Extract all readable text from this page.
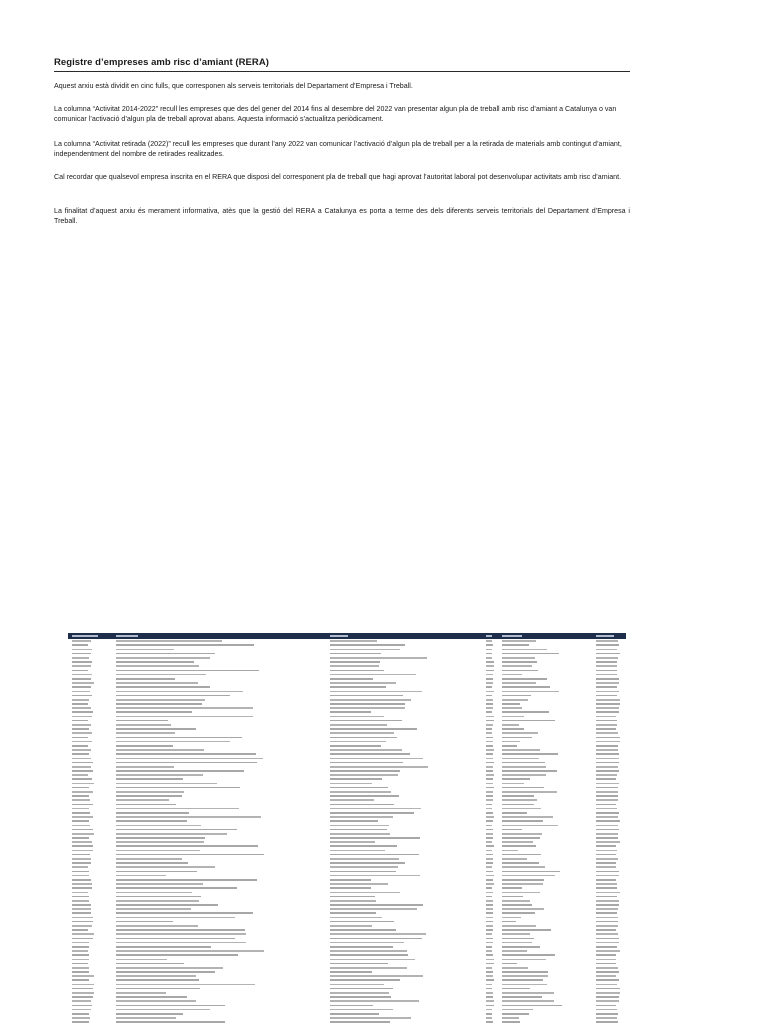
Registre d’empreses amb risc d’amiant (RERA)
Aquest arxiu està dividit en cinc fulls, que corresponen als serveis territorials del Departament d’Empresa i Treball.
La columna “Activitat 2014-2022” recull les empreses que des del gener del 2014 fins al desembre del 2022 van presentar algun pla de treball amb risc d’amiant a Catalunya o van comunicar l’activació d’algun pla de treball aprovat abans. Aquesta informació s’actualitza periòdicament.
La columna “Activitat retirada (2022)” recull les empreses que durant l’any 2022 van comunicar l’activació d’algun pla de treball per a la retirada de materials amb contingut d’amiant, independentment del nombre de retirades realitzades.
Cal recordar que qualsevol empresa inscrita en el RERA que disposi del corresponent pla de treball que hagi aprovat l’autoritat laboral pot desenvolupar activitats amb risc d’amiant.
La finalitat d’aquest arxiu és merament informativa, atès que la gestió del RERA a Catalunya es porta a terme des dels diferents serveis territorials del Departament d’Empresa i Treball.
